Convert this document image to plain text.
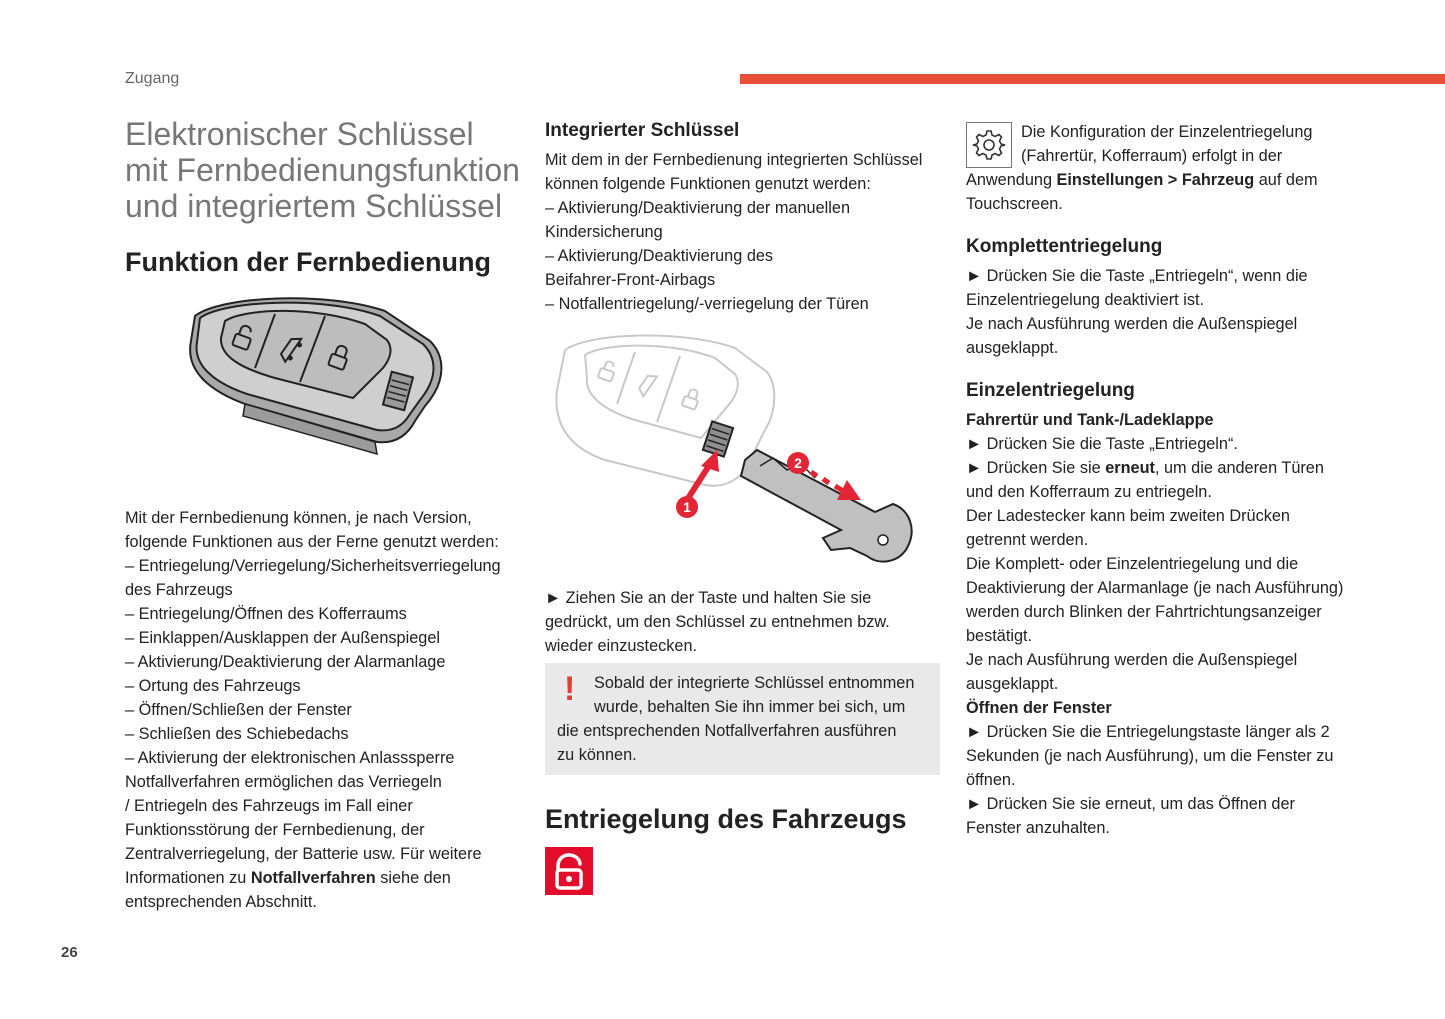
Zugang
Elektronischer Schlüssel
mit Fernbedienungsfunktion
und integriertem Schlüssel
Funktion der Fernbedienung
Mit der Fernbedienung können, je nach Version,
folgende Funktionen aus der Ferne genutzt werden:
– Entriegelung/Verriegelung/Sicherheitsverriegelung
des Fahrzeugs
– Entriegelung/Öffnen des Kofferraums
– Einklappen/Ausklappen der Außenspiegel
– Aktivierung/Deaktivierung der Alarmanlage
– Ortung des Fahrzeugs
– Öffnen/Schließen der Fenster
– Schließen des Schiebedachs
– Aktivierung der elektronischen Anlasssperre
Notfallverfahren ermöglichen das Verriegeln
/ Entriegeln des Fahrzeugs im Fall einer
Funktionsstörung der Fernbedienung, der
Zentralverriegelung, der Batterie usw. Für weitere
Informationen zu Notfallverfahren siehe den
entsprechenden Abschnitt.
Integrierter Schlüssel
Mit dem in der Fernbedienung integrierten Schlüssel
können folgende Funktionen genutzt werden:
– Aktivierung/Deaktivierung der manuellen
Kindersicherung
– Aktivierung/Deaktivierung des
Beifahrer-Front-Airbags
– Notfallentriegelung/-verriegelung der Türen
1
2
► Ziehen Sie an der Taste und halten Sie sie
gedrückt, um den Schlüssel zu entnehmen bzw.
wieder einzustecken.
!	Sobald der integrierte Schlüssel entnommen
wurde, behalten Sie ihn immer bei sich, um
die entsprechenden Notfallverfahren ausführen
zu können.
Entriegelung des Fahrzeugs
Die Konfiguration der Einzelentriegelung
(Fahrertür, Kofferraum) erfolgt in der
Anwendung Einstellungen > Fahrzeug auf dem
Touchscreen.
Komplettentriegelung
► Drücken Sie die Taste „Entriegeln“, wenn die
Einzelentriegelung deaktiviert ist.
Je nach Ausführung werden die Außenspiegel
ausgeklappt.
Einzelentriegelung
Fahrertür und Tank-/Ladeklappe
► Drücken Sie die Taste „Entriegeln“.
► Drücken Sie sie erneut, um die anderen Türen
und den Kofferraum zu entriegeln.
Der Ladestecker kann beim zweiten Drücken
getrennt werden.
Die Komplett- oder Einzelentriegelung und die
Deaktivierung der Alarmanlage (je nach Ausführung)
werden durch Blinken der Fahrtrichtungsanzeiger
bestätigt.
Je nach Ausführung werden die Außenspiegel
ausgeklappt.
Öffnen der Fenster
► Drücken Sie die Entriegelungstaste länger als 2
Sekunden (je nach Ausführung), um die Fenster zu
öffnen.
► Drücken Sie sie erneut, um das Öffnen der
Fenster anzuhalten.
26
